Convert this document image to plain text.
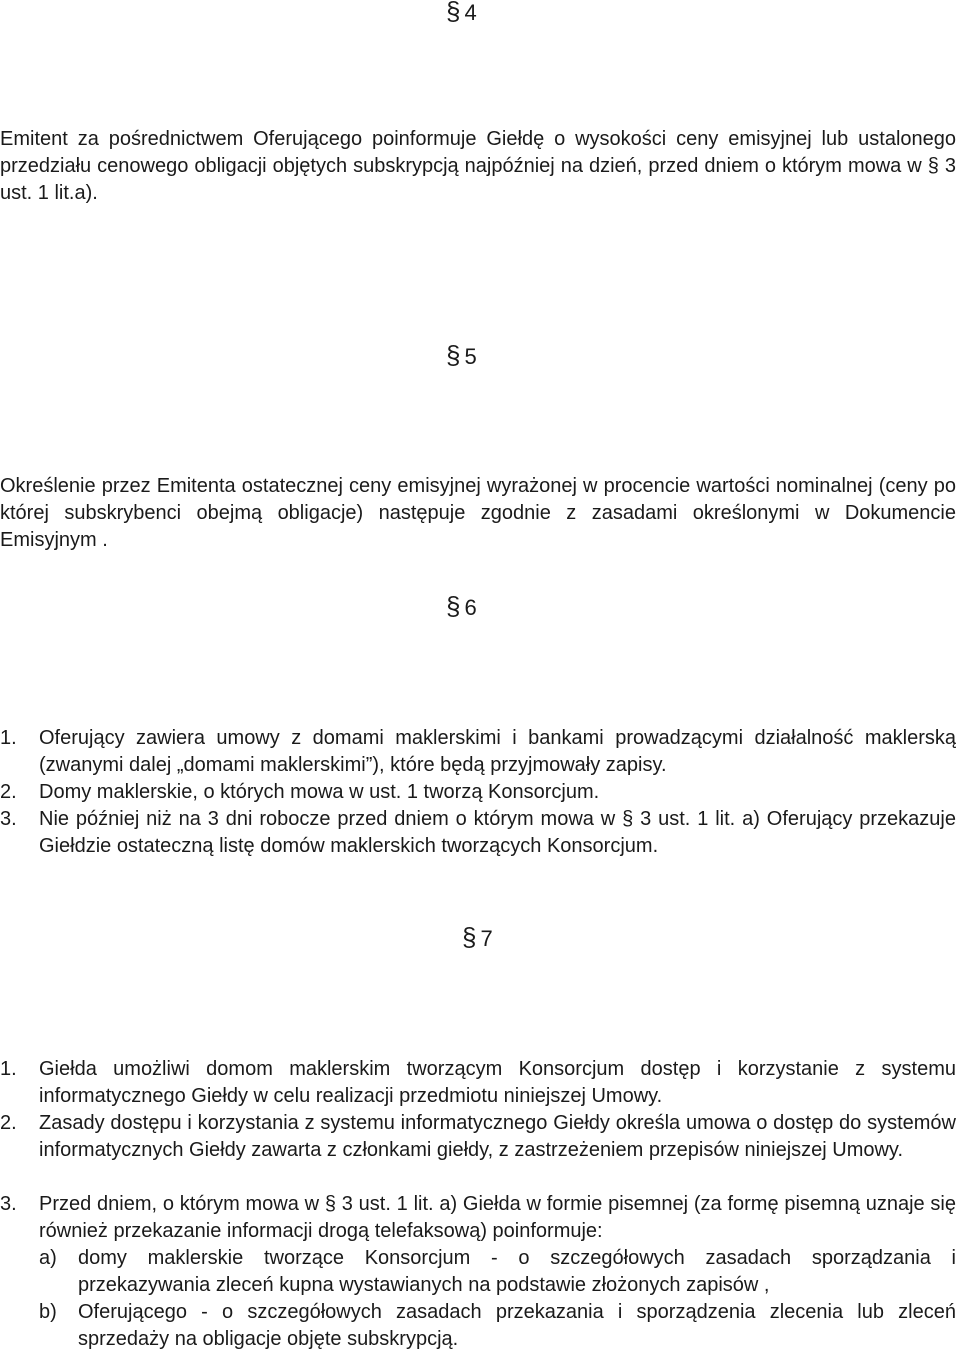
§ 4
Emitent za pośrednictwem Oferującego poinformuje Giełdę o wysokości ceny emisyjnej lub ustalonego przedziału cenowego obligacji objętych subskrypcją najpóźniej na dzień, przed dniem o którym mowa w § 3 ust. 1 lit.a).
§ 5
Określenie przez Emitenta ostatecznej ceny emisyjnej wyrażonej w procencie wartości nominalnej (ceny po której subskrybenci obejmą obligacje) następuje zgodnie z zasadami określonymi w Dokumencie Emisyjnym .
§ 6
1. Oferujący zawiera umowy z domami maklerskimi i bankami prowadzącymi działalność maklerską (zwanymi dalej „domami maklerskimi”), które będą przyjmowały zapisy.
2. Domy maklerskie, o których mowa w ust. 1 tworzą Konsorcjum.
3. Nie później niż na 3 dni robocze przed dniem o którym mowa w § 3 ust. 1 lit. a) Oferujący przekazuje Giełdzie ostateczną listę domów maklerskich tworzących Konsorcjum.
§ 7
1. Giełda umożliwi domom maklerskim tworzącym Konsorcjum dostęp i korzystanie z systemu informatycznego Giełdy w celu realizacji przedmiotu niniejszej Umowy.
2. Zasady dostępu i korzystania z systemu informatycznego Giełdy określa umowa o dostęp do systemów informatycznych Giełdy zawarta z członkami giełdy, z zastrzeżeniem przepisów niniejszej Umowy.
3. Przed dniem, o którym mowa w § 3 ust. 1 lit. a) Giełda w formie pisemnej (za formę pisemną uznaje się również przekazanie informacji drogą telefaksową) poinformuje:
a) domy maklerskie tworzące Konsorcjum - o szczegółowych zasadach sporządzania i przekazywania zleceń kupna wystawianych na podstawie złożonych zapisów ,
b) Oferującego - o szczegółowych zasadach przekazania i sporządzenia zlecenia lub zleceń sprzedaży na obligacje objęte subskrypcją.
